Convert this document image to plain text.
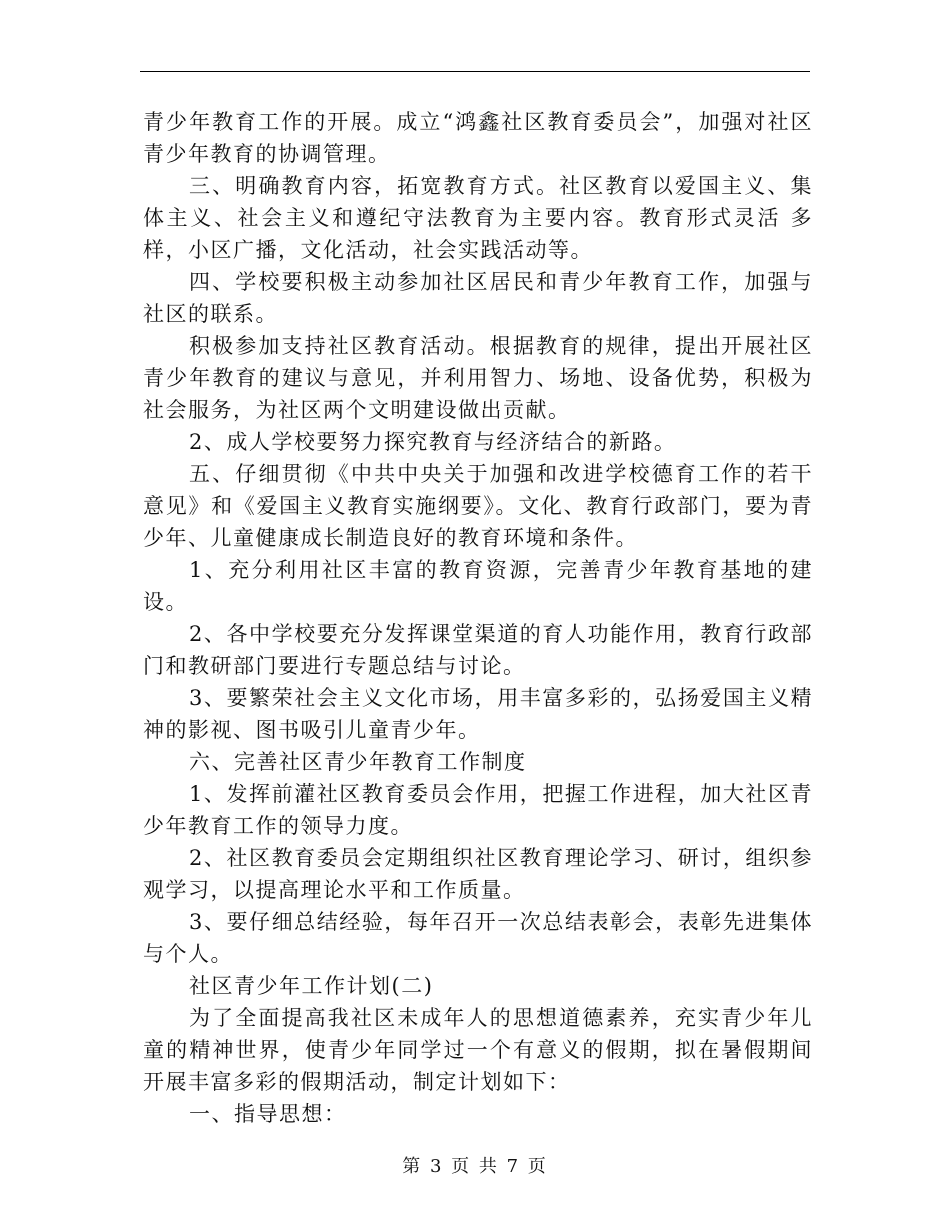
青少年教育工作的开展。成立“鸿鑫社区教育委员会”，加强对社区青少年教育的协调管理。

三、明确教育内容，拓宽教育方式。社区教育以爱国主义、集体主义、社会主义和遵纪守法教育为主要内容。教育形式灵活 多样，小区广播，文化活动，社会实践活动等。

四、学校要积极主动参加社区居民和青少年教育工作，加强与社区的联系。

积极参加支持社区教育活动。根据教育的规律，提出开展社区青少年教育的建议与意见，并利用智力、场地、设备优势，积极为社会服务，为社区两个文明建设做出贡献。

2、成人学校要努力探究教育与经济结合的新路。

五、仔细贯彻《中共中央关于加强和改进学校德育工作的若干意见》和《爱国主义教育实施纲要》。文化、教育行政部门，要为青少年、儿童健康成长制造良好的教育环境和条件。

1、充分利用社区丰富的教育资源，完善青少年教育基地的建设。

2、各中学校要充分发挥课堂渠道的育人功能作用，教育行政部门和教研部门要进行专题总结与讨论。

3、要繁荣社会主义文化市场，用丰富多彩的，弘扬爱国主义精神的影视、图书吸引儿童青少年。

六、完善社区青少年教育工作制度

1、发挥前灌社区教育委员会作用，把握工作进程，加大社区青少年教育工作的领导力度。

2、社区教育委员会定期组织社区教育理论学习、研讨，组织参观学习，以提高理论水平和工作质量。

3、要仔细总结经验，每年召开一次总结表彰会，表彰先进集体与个人。

社区青少年工作计划(二)

为了全面提高我社区未成年人的思想道德素养，充实青少年儿童的精神世界，使青少年同学过一个有意义的假期，拟在暑假期间开展丰富多彩的假期活动，制定计划如下：

一、指导思想：

第 3 页 共 7 页
